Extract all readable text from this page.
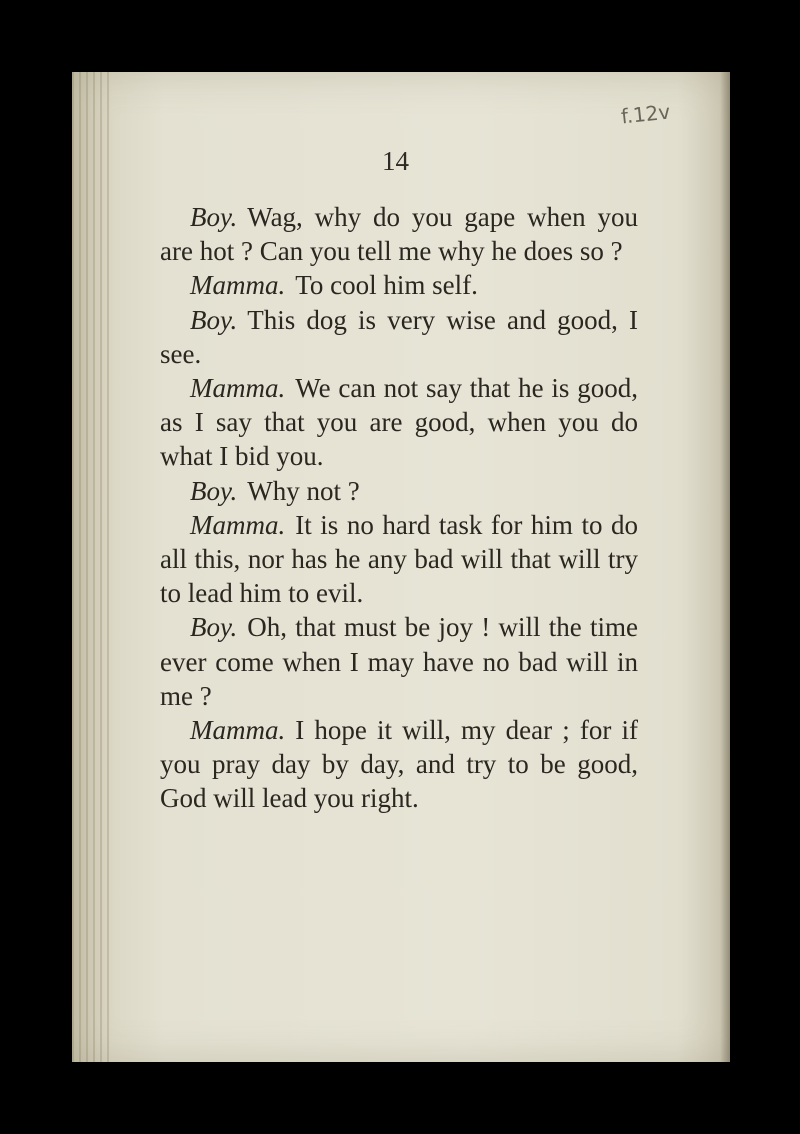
f.12v
14

Boy. Wag, why do you gape when you are hot ? Can you tell me why he does so ?

Mamma. To cool him self.

Boy. This dog is very wise and good, I see.

Mamma. We can not say that he is good, as I say that you are good, when you do what I bid you.

Boy. Why not ?

Mamma. It is no hard task for him to do all this, nor has he any bad will that will try to lead him to evil.

Boy. Oh, that must be joy ! will the time ever come when I may have no bad will in me ?

Mamma. I hope it will, my dear ; for if you pray day by day, and try to be good, God will lead you right.
